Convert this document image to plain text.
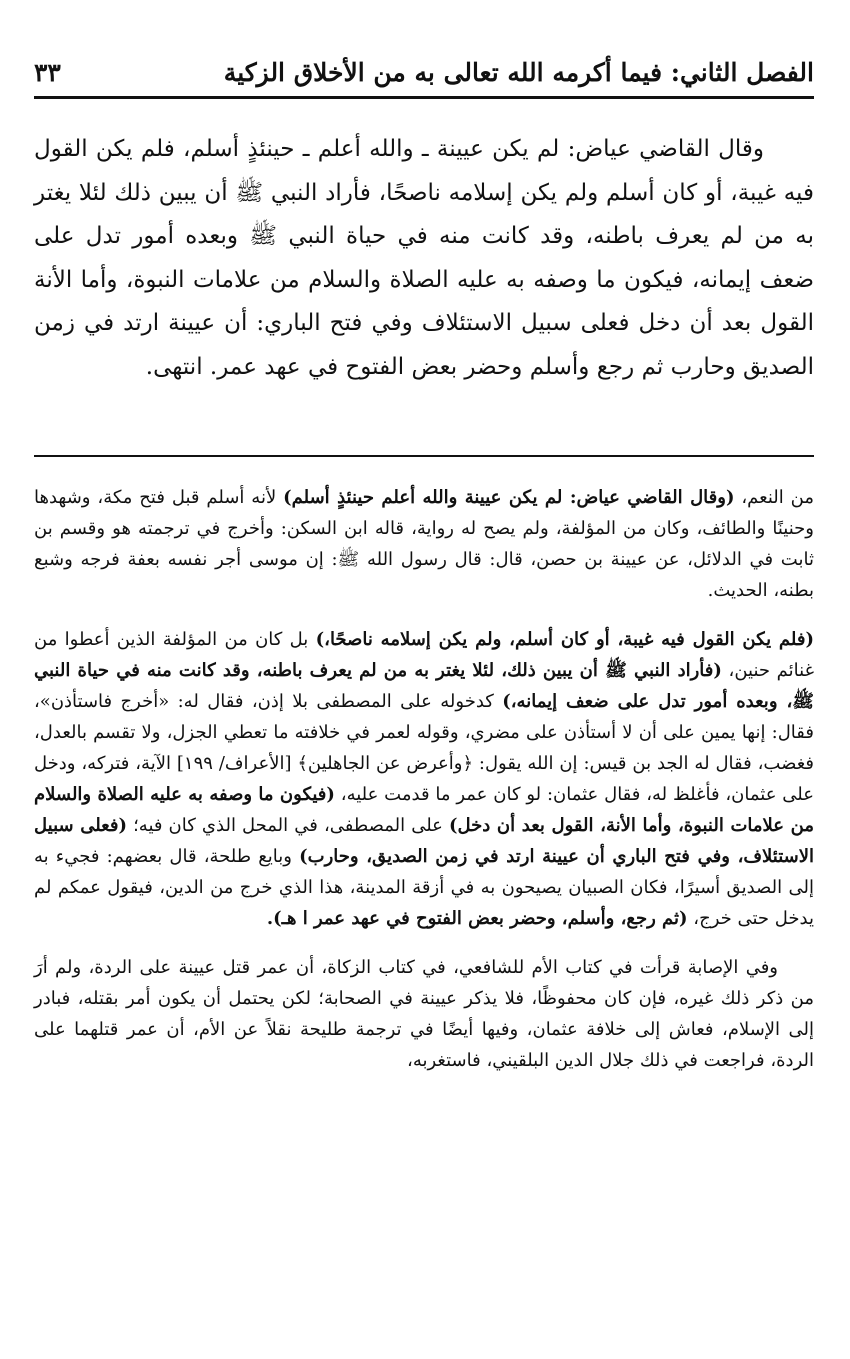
الفصل الثاني: فيما أكرمه الله تعالى به من الأخلاق الزكية
٣٣

وقال القاضي عياض: لم يكن عيينة ـ والله أعلم ـ حينئذٍ أسلم، فلم يكن القول فيه غيبة، أو كان أسلم ولم يكن إسلامه ناصحًا، فأراد النبي ﷺ أن يبين ذلك لئلا يغتر به من لم يعرف باطنه، وقد كانت منه في حياة النبي ﷺ وبعده أمور تدل على ضعف إيمانه، فيكون ما وصفه به عليه الصلاة والسلام من علامات النبوة، وأما الأنة القول بعد أن دخل فعلى سبيل الاستئلاف وفي فتح الباري: أن عيينة ارتد في زمن الصديق وحارب ثم رجع وأسلم وحضر بعض الفتوح في عهد عمر. انتهى.

من النعم، (وقال القاضي عياض: لم يكن عيينة والله أعلم حينئذٍ أسلم) لأنه أسلم قبل فتح مكة، وشهدها وحنينًا والطائف، وكان من المؤلفة، ولم يصح له رواية، قاله ابن السكن: وأخرج في ترجمته هو وقسم بن ثابت في الدلائل، عن عيينة بن حصن، قال: قال رسول الله ﷺ: إن موسى أجر نفسه بعفة فرجه وشبع بطنه، الحديث.

(فلم يكن القول فيه غيبة، أو كان أسلم، ولم يكن إسلامه ناصحًا،) بل كان من المؤلفة الذين أعطوا من غنائم حنين، (فأراد النبي ﷺ أن يبين ذلك، لئلا يغتر به من لم يعرف باطنه، وقد كانت منه في حياة النبي ﷺ، وبعده أمور تدل على ضعف إيمانه،) كدخوله على المصطفى بلا إذن، فقال له: «أخرج فاستأذن»، فقال: إنها يمين على أن لا أستأذن على مضري، وقوله لعمر في خلافته ما تعطي الجزل، ولا تقسم بالعدل، فغضب، فقال له الجد بن قيس: إن الله يقول: ﴿وأعرض عن الجاهلين﴾ [الأعراف/ ١٩٩] الآية، فتركه، ودخل على عثمان، فأغلظ له، فقال عثمان: لو كان عمر ما قدمت عليه، (فيكون ما وصفه به عليه الصلاة والسلام من علامات النبوة، وأما الأنة، القول بعد أن دخل) على المصطفى، في المحل الذي كان فيه؛ (فعلى سبيل الاستئلاف، وفي فتح الباري أن عيينة ارتد في زمن الصديق، وحارب) وبايع طلحة، قال بعضهم: فجيء به إلى الصديق أسيرًا، فكان الصبيان يصيحون به في أزقة المدينة، هذا الذي خرج من الدين، فيقول عمكم لم يدخل حتى خرج، (ثم رجع، وأسلم، وحضر بعض الفتوح في عهد عمر ا هـ).

وفي الإصابة قرأت في كتاب الأم للشافعي، في كتاب الزكاة، أن عمر قتل عيينة على الردة، ولم أرَ من ذكر ذلك غيره، فإن كان محفوظًا، فلا يذكر عيينة في الصحابة؛ لكن يحتمل أن يكون أمر بقتله، فبادر إلى الإسلام، فعاش إلى خلافة عثمان، وفيها أيضًا في ترجمة طليحة نقلاً عن الأم، أن عمر قتلهما على الردة، فراجعت في ذلك جلال الدين البلقيني، فاستغربه،
